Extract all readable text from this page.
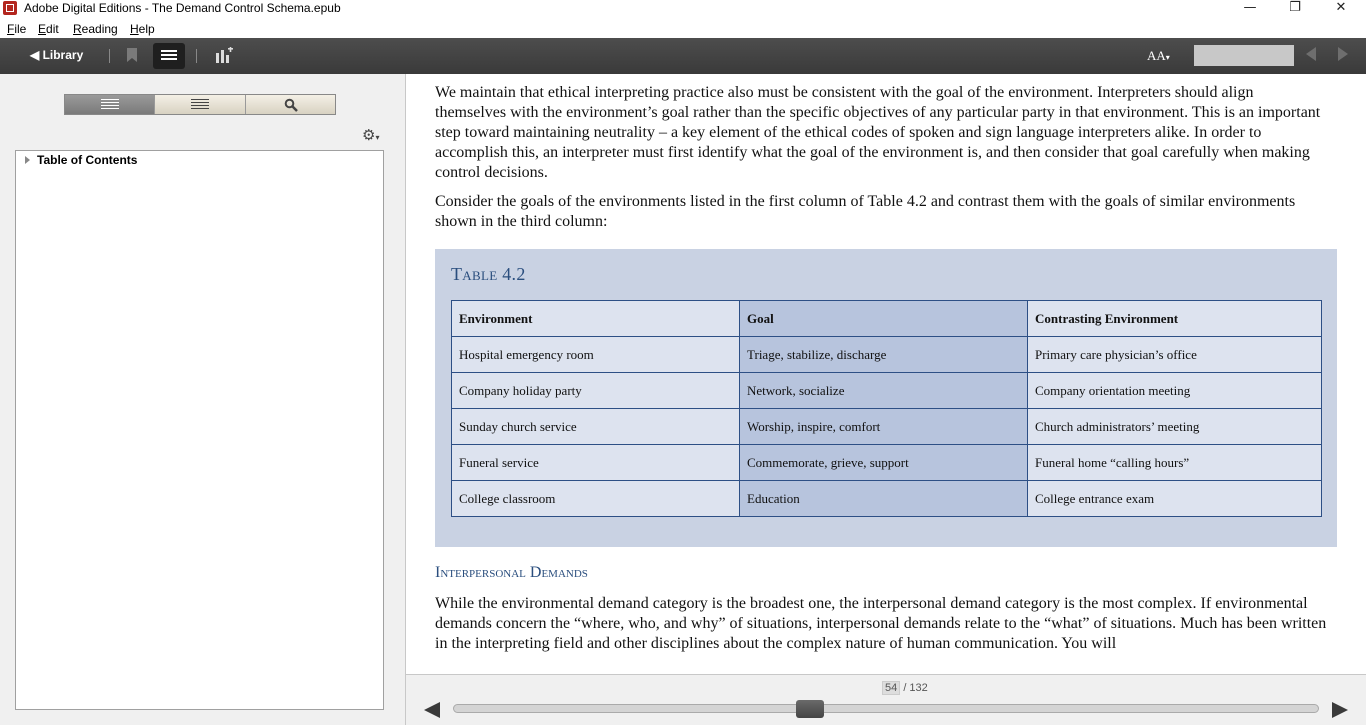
Adobe Digital Editions - The Demand Control Schema.epub	—	❐	✕
File Edit Reading Help
◀ Library	AA▾
⚙▾
Table of Contents

We maintain that ethical interpreting practice also must be consistent with the goal of the environment. Interpreters should align themselves with the environment’s goal rather than the specific objectives of any particular party in that environment. This is an important step toward maintaining neutrality – a key element of the ethical codes of spoken and sign language interpreters alike. In order to accomplish this, an interpreter must first identify what the goal of the environment is, and then consider that goal carefully when making control decisions.

Consider the goals of the environments listed in the first column of Table 4.2 and contrast them with the goals of similar environments shown in the third column:

Table 4.2
Environment	Goal	Contrasting Environment
Hospital emergency room	Triage, stabilize, discharge	Primary care physician’s office
Company holiday party	Network, socialize	Company orientation meeting
Sunday church service	Worship, inspire, comfort	Church administrators’ meeting
Funeral service	Commemorate, grieve, support	Funeral home “calling hours”
College classroom	Education	College entrance exam
Interpersonal Demands

While the environmental demand category is the broadest one, the interpersonal demand category is the most complex. If environmental demands concern the “where, who, and why” of situations, interpersonal demands relate to the “what” of situations. Much has been written in the interpreting field and other disciplines about the complex nature of human communication. You will

54 / 132
